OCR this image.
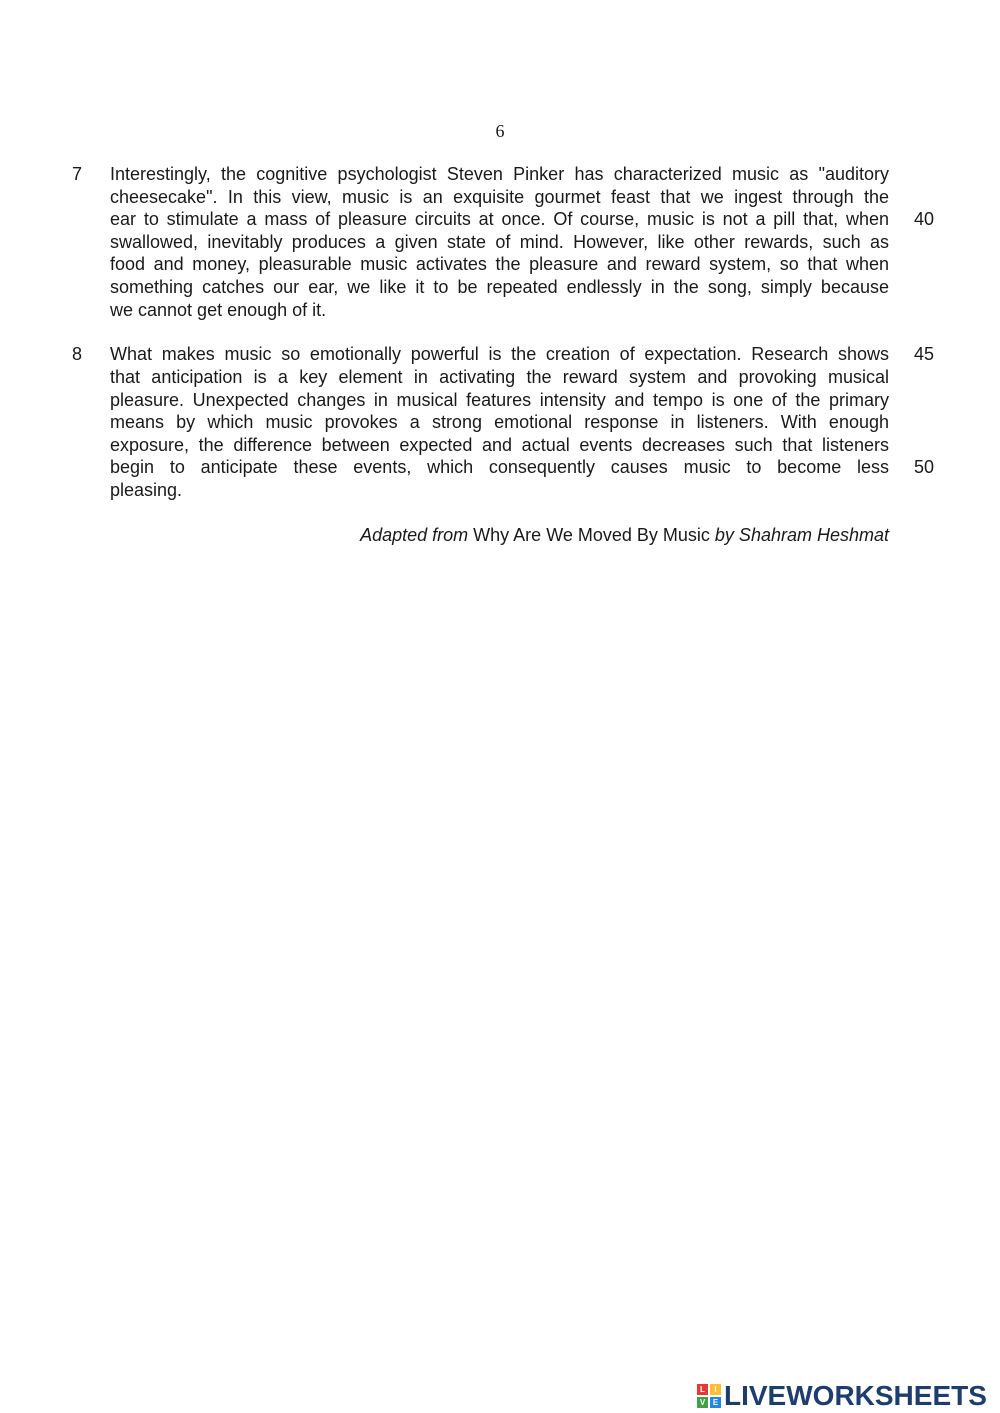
6
7	Interestingly, the cognitive psychologist Steven Pinker has characterized music as "auditory
cheesecake". In this view, music is an exquisite gourmet feast that we ingest through the
ear to stimulate a mass of pleasure circuits at once. Of course, music is not a pill that, when
swallowed, inevitably produces a given state of mind. However, like other rewards, such as
food and money, pleasurable music activates the pleasure and reward system, so that when
something catches our ear, we like it to be repeated endlessly in the song, simply because
we cannot get enough of it.
8	What makes music so emotionally powerful is the creation of expectation. Research shows
that anticipation is a key element in activating the reward system and provoking musical
pleasure. Unexpected changes in musical features intensity and tempo is one of the primary
means by which music provokes a strong emotional response in listeners. With enough
exposure, the difference between expected and actual events decreases such that listeners
begin to anticipate these events, which consequently causes music to become less
pleasing.
40
45
50
Adapted from Why Are We Moved By Music by Shahram Heshmat
L	I
V E LIVEWORKSHEETS
